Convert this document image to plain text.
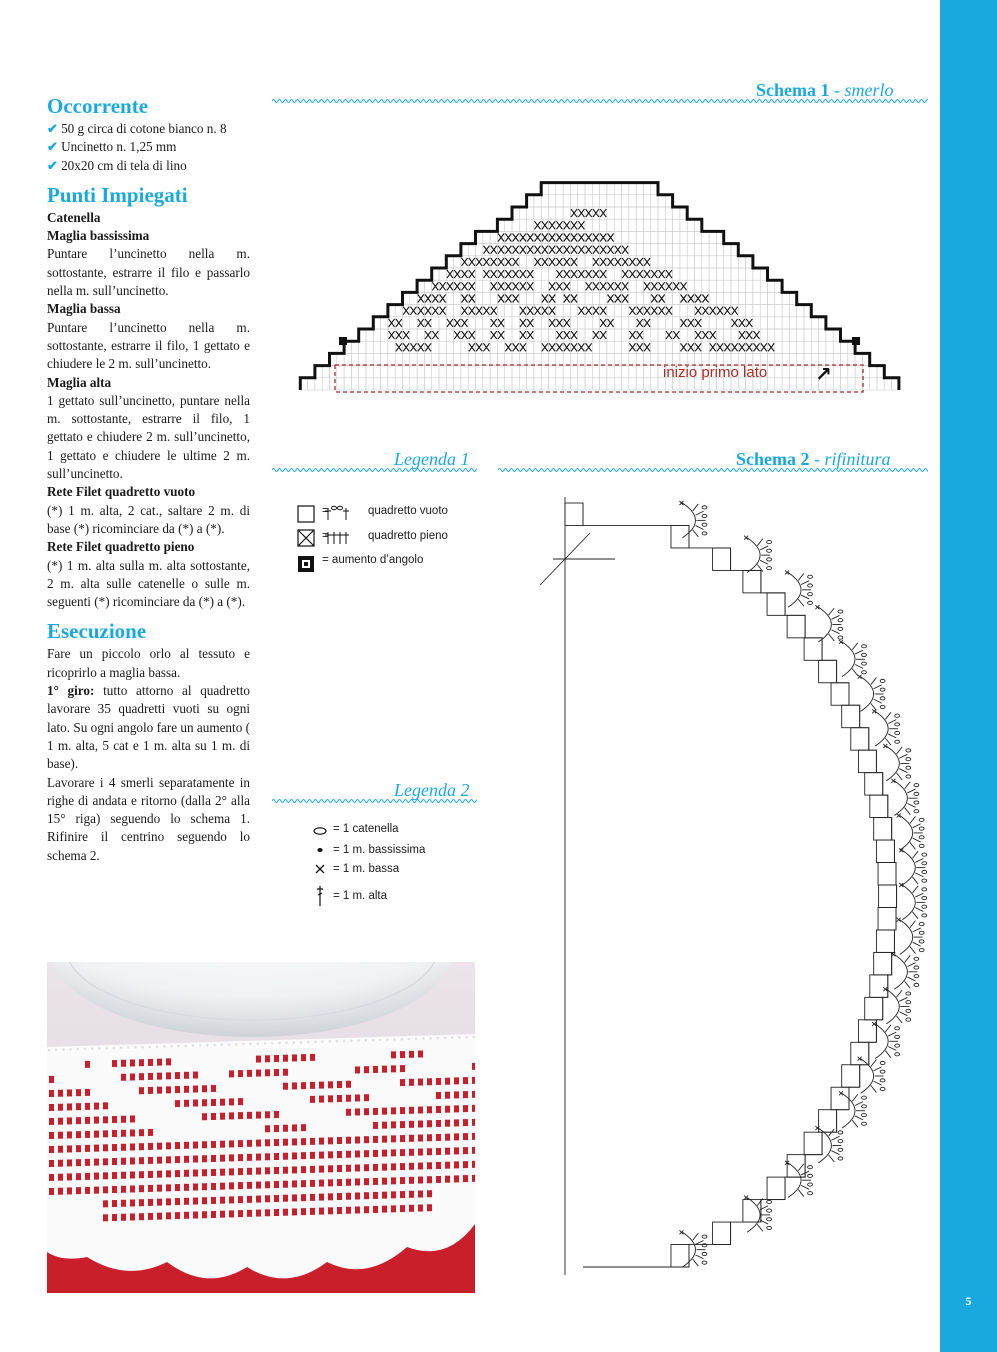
5
Occorrente
✔ 50 g circa di cotone bianco n. 8
✔ Uncinetto n. 1,25 mm
✔ 20x20 cm di tela di lino
Punti Impiegati
Catenella
Maglia bassissima

Puntare l’uncinetto nella m. sottostante, estrarre il filo e passarlo nella m. sull’uncinetto.

Maglia bassa

Puntare l’uncinetto nella m. sottostante, estrarre il filo, 1 gettato e chiudere le 2 m. sull’uncinetto.

Maglia alta

1 gettato sull’uncinetto, puntare nella m. sottostante, estrarre il filo, 1 gettato e chiudere 2 m. sull’uncinetto, 1 gettato e chiudere le ultime 2 m. sull’uncinetto.

Rete Filet quadretto vuoto

(*) 1 m. alta, 2 cat., saltare 2 m. di base (*) ricominciare da (*) a (*).

Rete Filet quadretto pieno

(*) 1 m. alta sulla m. alta sottostante, 2 m. alta sulle catenelle o sulle m. seguenti (*) ricominciare da (*) a (*).

Esecuzione

Fare un piccolo orlo al tessuto e ricoprirlo a maglia bassa.

1° giro: tutto attorno al quadretto lavorare 35 quadretti vuoti su ogni lato. Su ogni angolo fare un aumento ( 1 m. alta, 5 cat e 1 m. alta su 1 m. di base).

Lavorare i 4 smerli separatamente in righe di andata e ritorno (dalla 2° alla 15° riga) seguendo lo schema 1. Rifinire il centrino seguendo lo schema 2.

Schema 1 - smerlo
inizio primo lato ↗
Legenda 1
=	quadretto vuoto
=	quadretto pieno
= aumento d’angolo
Legenda 2
= 1 catenella
= 1 m. bassissima
= 1 m. bassa
= 1 m. alta
Schema 2 - rifinitura
